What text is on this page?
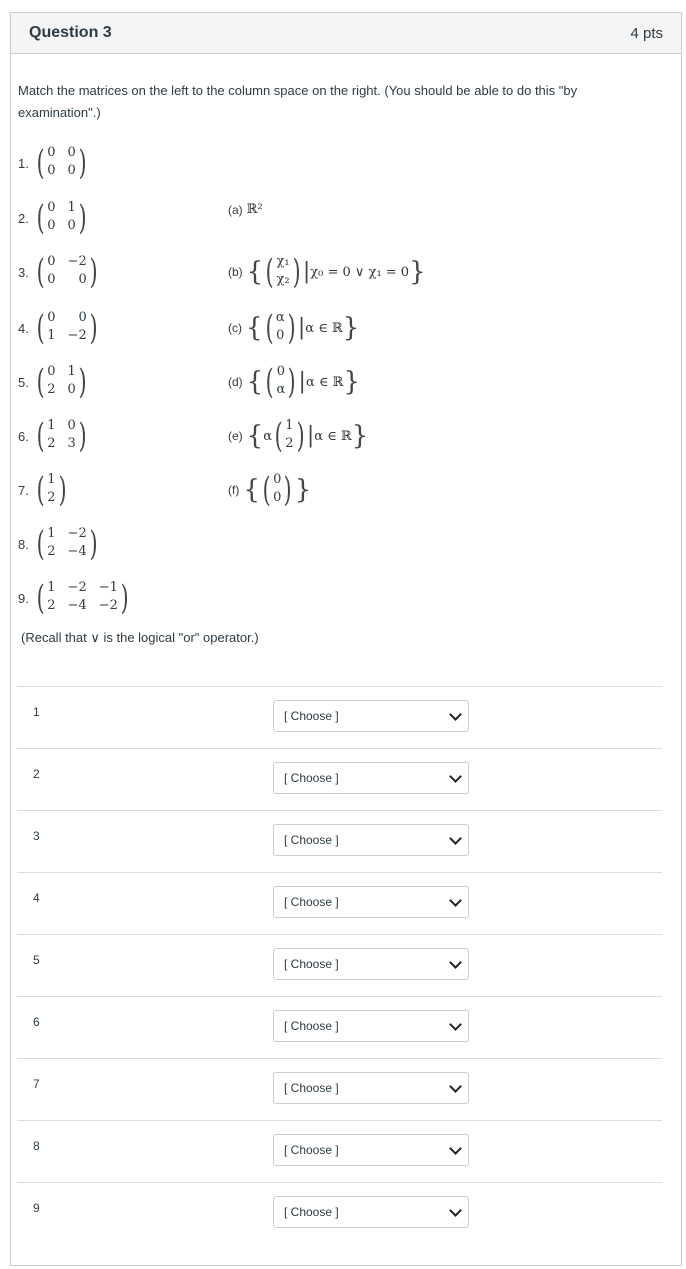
Question 3	4 pts
Match the matrices on the left to the column space on the right. (You should be able to do this "by examination".)
1. ( 0 0
0 0 )
2. ( 0 1
0 0 )
3. ( 0 −2
0	0 )
4. ( 0	0
1 −2 )
5. ( 0 1
2 0 )
6. ( 1 0
2 3 )
7. ( 1
2 )
8. ( 1 −2
2 −4 )
9. ( 1 −2 −1
2 −4 −2 )
(a) ℝ²
(b) { ( χ₁
χ₂ ) | χ₀ = 0 ∨ χ₁ = 0 }
(c) { ( α
0 ) | α ∈ ℝ }
(d) { ( 0
α ) | α ∈ ℝ }
(e) { α ( 1
2 ) | α ∈ ℝ }
(f) { ( 0
0 ) }
(Recall that ∨ is the logical "or" operator.)
1	[ Choose ]
2	[ Choose ]
3	[ Choose ]
4	[ Choose ]
5	[ Choose ]
6	[ Choose ]
7	[ Choose ]
8	[ Choose ]
9	[ Choose ]
